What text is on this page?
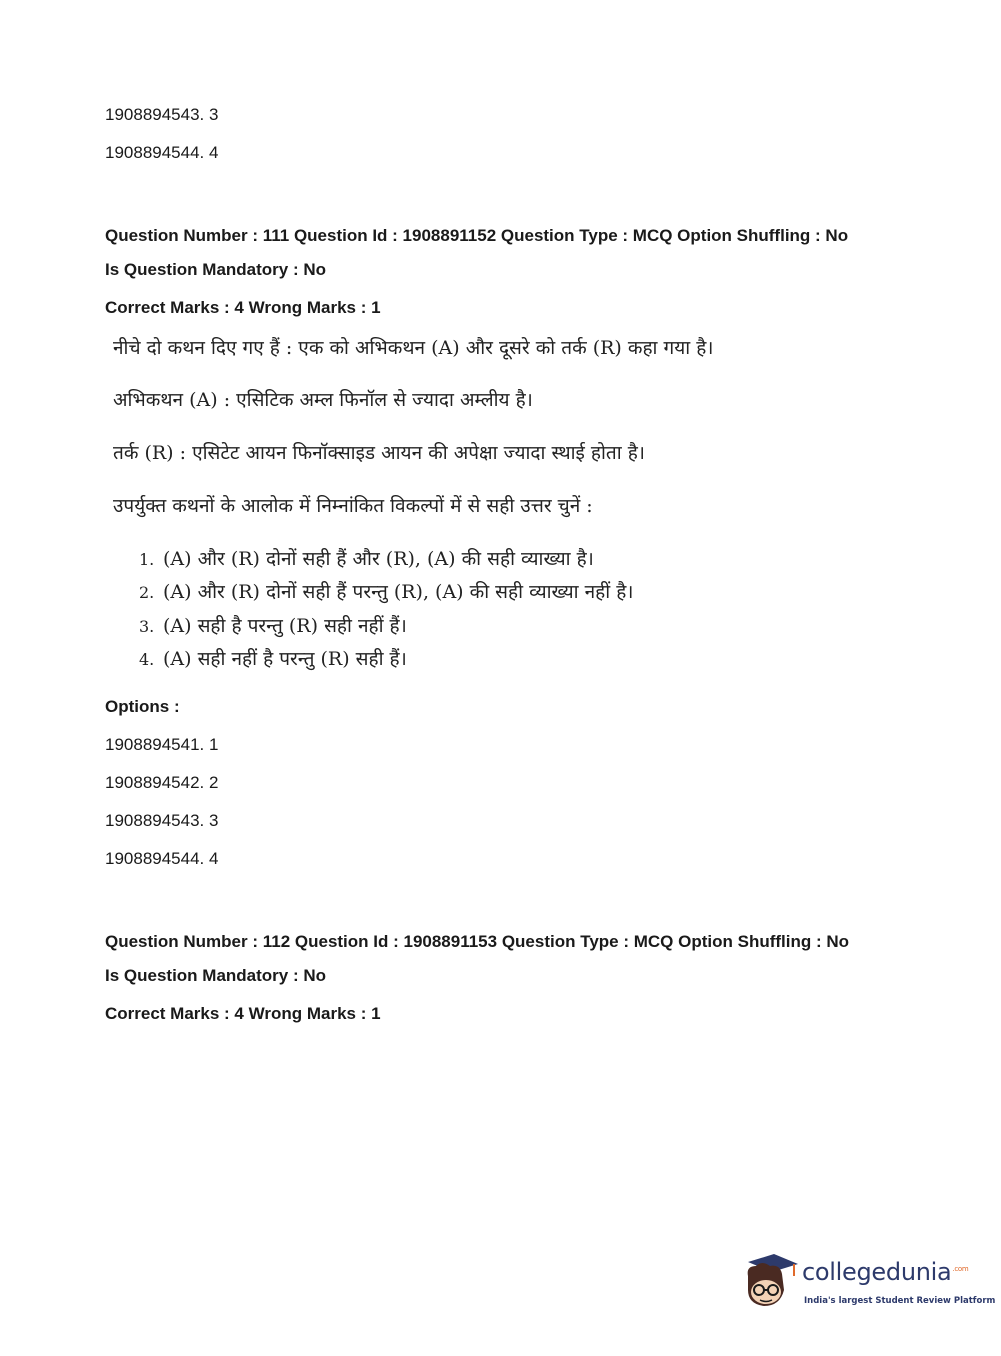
1908894543. 3
1908894544. 4
Question Number : 111 Question Id : 1908891152 Question Type : MCQ Option Shuffling : No
Is Question Mandatory : No
Correct Marks : 4 Wrong Marks : 1
नीचे दो कथन दिए गए हैं : एक को अभिकथन (A) और दूसरे को तर्क (R) कहा गया है।
अभिकथन (A) : एसिटिक अम्ल फिनॉल से ज्यादा अम्लीय है।
तर्क (R) : एसिटेट आयन फिनॉक्साइड आयन की अपेक्षा ज्यादा स्थाई होता है।
उपर्युक्त कथनों के आलोक में निम्नांकित विकल्पों में से सही उत्तर चुनें :
1. (A) और (R) दोनों सही हैं और (R), (A) की सही व्याख्या है।
2. (A) और (R) दोनों सही हैं परन्तु (R), (A) की सही व्याख्या नहीं है।
3. (A) सही है परन्तु (R) सही नहीं हैं।
4. (A) सही नहीं है परन्तु (R) सही हैं।
Options :
1908894541. 1
1908894542. 2
1908894543. 3
1908894544. 4
Question Number : 112 Question Id : 1908891153 Question Type : MCQ Option Shuffling : No
Is Question Mandatory : No
Correct Marks : 4 Wrong Marks : 1
collegedunia$^{.com}$
India's largest Student Review Platform
